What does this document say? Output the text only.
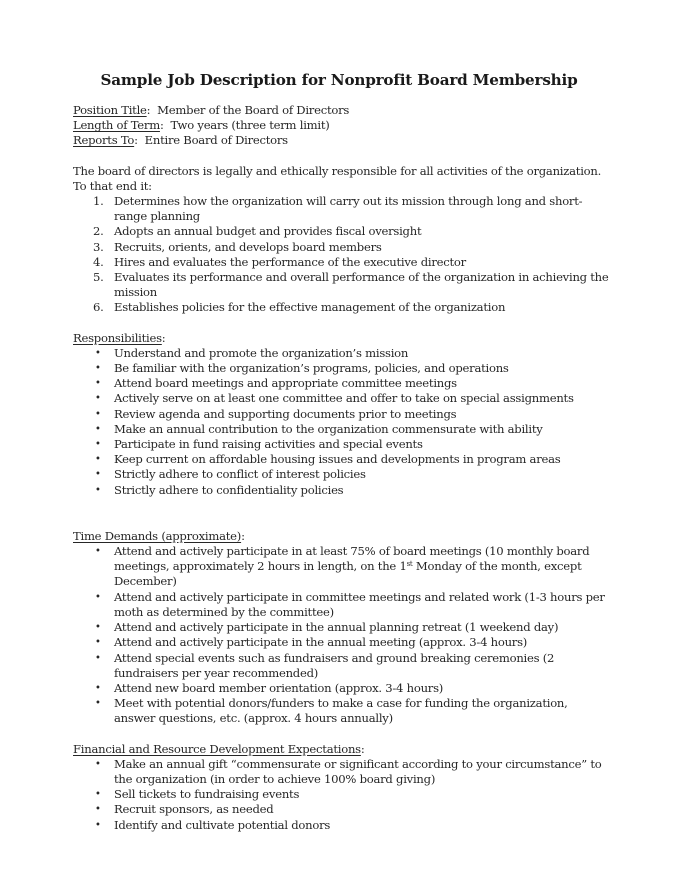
Sample Job Description for Nonprofit Board Membership

Position Title: Member of the Board of Directors

Length of Term: Two years (three term limit)

Reports To: Entire Board of Directors

The board of directors is legally and ethically responsible for all activities of the organization. To that end it:

1. Determines how the organization will carry out its mission through long and short-range planning
2. Adopts an annual budget and provides fiscal oversight
3. Recruits, orients, and develops board members
4. Hires and evaluates the performance of the executive director
5. Evaluates its performance and overall performance of the organization in achieving the mission
6. Establishes policies for the effective management of the organization

Responsibilities:

• Understand and promote the organization’s mission
• Be familiar with the organization’s programs, policies, and operations
• Attend board meetings and appropriate committee meetings
• Actively serve on at least one committee and offer to take on special assignments
• Review agenda and supporting documents prior to meetings
• Make an annual contribution to the organization commensurate with ability
• Participate in fund raising activities and special events
• Keep current on affordable housing issues and developments in program areas
• Strictly adhere to conflict of interest policies
• Strictly adhere to confidentiality policies

Time Demands (approximate):

• Attend and actively participate in at least 75% of board meetings (10 monthly board meetings, approximately 2 hours in length, on the 1st Monday of the month, except December)
• Attend and actively participate in committee meetings and related work (1-3 hours per moth as determined by the committee)
• Attend and actively participate in the annual planning retreat (1 weekend day)
• Attend and actively participate in the annual meeting (approx. 3-4 hours)
• Attend special events such as fundraisers and ground breaking ceremonies (2 fundraisers per year recommended)
• Attend new board member orientation (approx. 3-4 hours)
• Meet with potential donors/funders to make a case for funding the organization, answer questions, etc. (approx. 4 hours annually)

Financial and Resource Development Expectations:

• Make an annual gift “commensurate or significant according to your circumstance” to the organization (in order to achieve 100% board giving)
• Sell tickets to fundraising events
• Recruit sponsors, as needed
• Identify and cultivate potential donors
